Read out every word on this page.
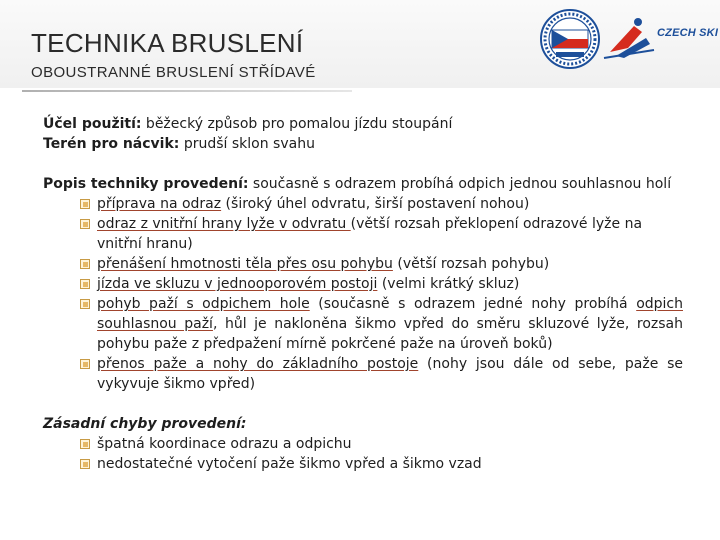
TECHNIKA BRUSLENÍ
OBOUSTRANNÉ BRUSLENÍ STŘÍDAVÉ
CZECH SKI

Účel použití: běžecký způsob pro pomalou jízdu stoupání

Terén pro nácvik: prudší sklon svahu

Popis techniky provedení: současně s odrazem probíhá odpich jednou souhlasnou holí

příprava na odraz (široký úhel odvratu, širší postavení nohou)
odraz z vnitřní hrany lyže v odvratu (větší rozsah překlopení odrazové lyže na vnitřní hranu)
přenášení hmotnosti těla přes osu pohybu (větší rozsah pohybu)
jízda ve skluzu v jednooporovém postoji (velmi krátký skluz)
pohyb paží s odpichem hole (současně s odrazem jedné nohy probíhá odpich souhlasnou paží, hůl je nakloněna šikmo vpřed do směru skluzové lyže, rozsah pohybu paže z předpažení mírně pokrčené paže na úroveň boků)
přenos paže a nohy do základního postoje (nohy jsou dále od sebe, paže se vykyvuje šikmo vpřed)

Zásadní chyby provedení:

špatná koordinace odrazu a odpichu
nedostatečné vytočení paže šikmo vpřed a šikmo vzad
